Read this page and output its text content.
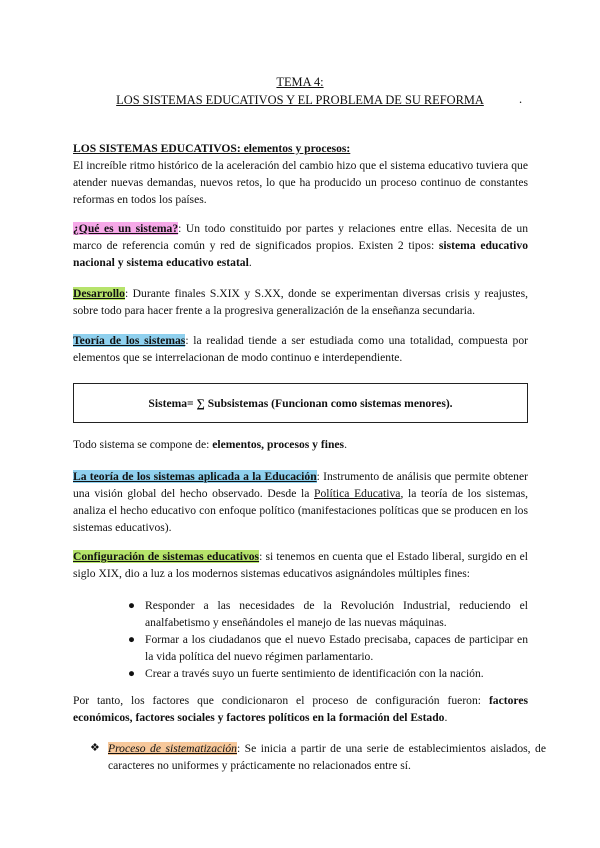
TEMA 4:
LOS SISTEMAS EDUCATIVOS Y EL PROBLEMA DE SU REFORMA	.
LOS SISTEMAS EDUCATIVOS: elementos y procesos:
El increíble ritmo histórico de la aceleración del cambio hizo que el sistema educativo tuviera que atender nuevas demandas, nuevos retos, lo que ha producido un proceso continuo de constantes reformas en todos los países.
¿Qué es un sistema?: Un todo constituido por partes y relaciones entre ellas. Necesita de un marco de referencia común y red de significados propios. Existen 2 tipos: sistema educativo nacional y sistema educativo estatal.
Desarrollo: Durante finales S.XIX y S.XX, donde se experimentan diversas crisis y reajustes, sobre todo para hacer frente a la progresiva generalización de la enseñanza secundaria.
Teoría de los sistemas: la realidad tiende a ser estudiada como una totalidad, compuesta por elementos que se interrelacionan de modo continuo e interdependiente.
Sistema= ∑ Subsistemas (Funcionan como sistemas menores).
Todo sistema se compone de: elementos, procesos y fines.
La teoría de los sistemas aplicada a la Educación: Instrumento de análisis que permite obtener una visión global del hecho observado. Desde la Política Educativa, la teoría de los sistemas, analiza el hecho educativo con enfoque político (manifestaciones políticas que se producen en los sistemas educativos).
Configuración de sistemas educativos: si tenemos en cuenta que el Estado liberal, surgido en el siglo XIX, dio a luz a los modernos sistemas educativos asignándoles múltiples fines:
● Responder a las necesidades de la Revolución Industrial, reduciendo el analfabetismo y enseñándoles el manejo de las nuevas máquinas.
● Formar a los ciudadanos que el nuevo Estado precisaba, capaces de participar en la vida política del nuevo régimen parlamentario.
● Crear a través suyo un fuerte sentimiento de identificación con la nación.
Por tanto, los factores que condicionaron el proceso de configuración fueron: factores económicos, factores sociales y factores políticos en la formación del Estado.
❖ Proceso de sistematización: Se inicia a partir de una serie de establecimientos aislados, de caracteres no uniformes y prácticamente no relacionados entre sí.
